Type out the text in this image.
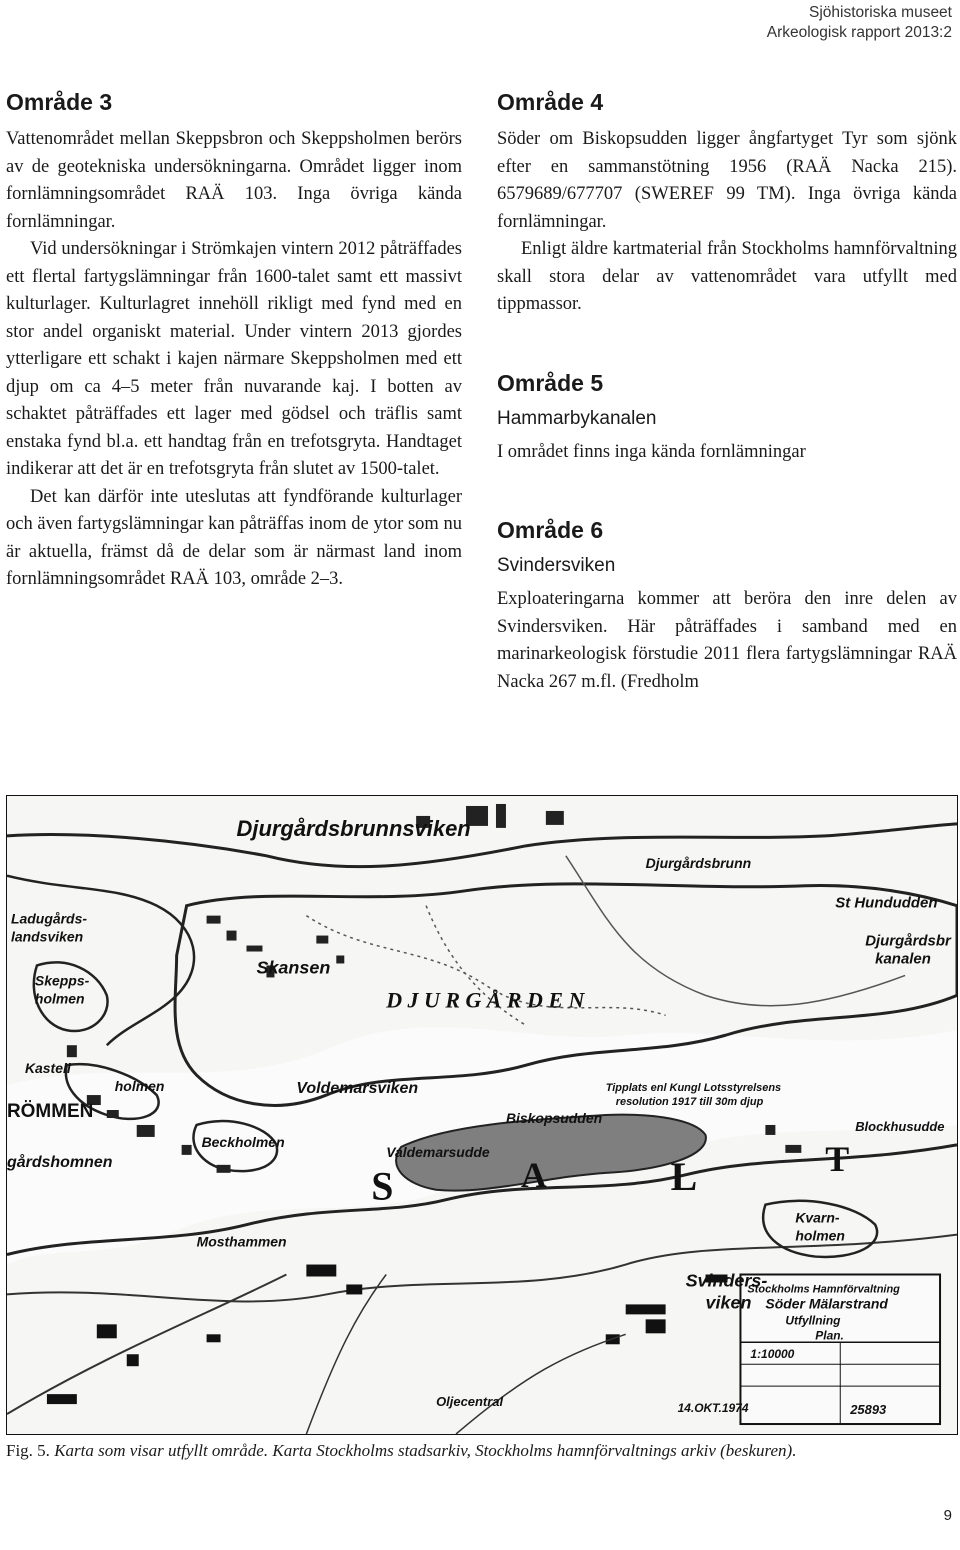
Sjöhistoriska museet
Arkeologisk rapport 2013:2
Område 3

Vattenområdet mellan Skeppsbron och Skeppsholmen berörs av de geotekniska undersökningarna. Området ligger inom fornlämningsområdet RAÄ 103. Inga övriga kända fornlämningar.

Vid undersökningar i Strömkajen vintern 2012 påträffades ett flertal fartygslämningar från 1600-talet samt ett massivt kulturlager. Kulturlagret innehöll rikligt med fynd med en stor andel organiskt material. Under vintern 2013 gjordes ytterligare ett schakt i kajen närmare Skeppsholmen med ett djup om ca 4–5 meter från nuvarande kaj. I botten av schaktet påträffades ett lager med gödsel och träflis samt enstaka fynd bl.a. ett handtag från en trefotsgryta. Handtaget indikerar att det är en trefotsgryta från slutet av 1500-talet.

Det kan därför inte uteslutas att fyndförande kulturlager och även fartygslämningar kan påträffas inom de ytor som nu är aktuella, främst då de delar som är närmast land inom fornlämningsområdet RAÄ 103, område 2–3.

Område 4

Söder om Biskopsudden ligger ångfartyget Tyr som sjönk efter en sammanstötning 1956 (RAÄ Nacka 215). 6579689/677707 (SWEREF 99 TM). Inga övriga kända fornlämningar.

Enligt äldre kartmaterial från Stockholms hamnförvaltning skall stora delar av vattenområdet vara utfyllt med tippmassor.

Område 5
Hammarbykanalen

I området finns inga kända fornlämningar

Område 6
Svindersviken

Exploateringarna kommer att beröra den inre delen av Svindersviken. Här påträffades i samband med en marinarkeologisk förstudie 2011 flera fartygslämningar RAÄ Nacka 267 m.fl. (Fredholm

Djurgårdsbrunnsviken
Djurgårdsbrunn
St Hundudden
Djurgårdsbr
kanalen
Ladugårds-
landsviken
Skepps-
holmen
Skansen
D J U R G Å R D E N
Kastell
holmen
RÖMMEN
Voldemarsviken
Beckholmen
Valdemarsudde
Biskopsudden
Blockhusudde
Tipplats enl Kungl Lotsstyrelsens
resolution 1917 till 30m djup
gårdshomnen
Mosthammen
Kvarn-
holmen
Svinders-
viken
Oljecentral
S	A	L	T
Stockholms Hamnförvaltning
Söder Mälarstrand
Utfyllning
Plan.
1:10000
25893
14.OKT.1974
Fig. 5. Karta som visar utfyllt område. Karta Stockholms stadsarkiv, Stockholms hamnförvaltnings arkiv (beskuren).
9
